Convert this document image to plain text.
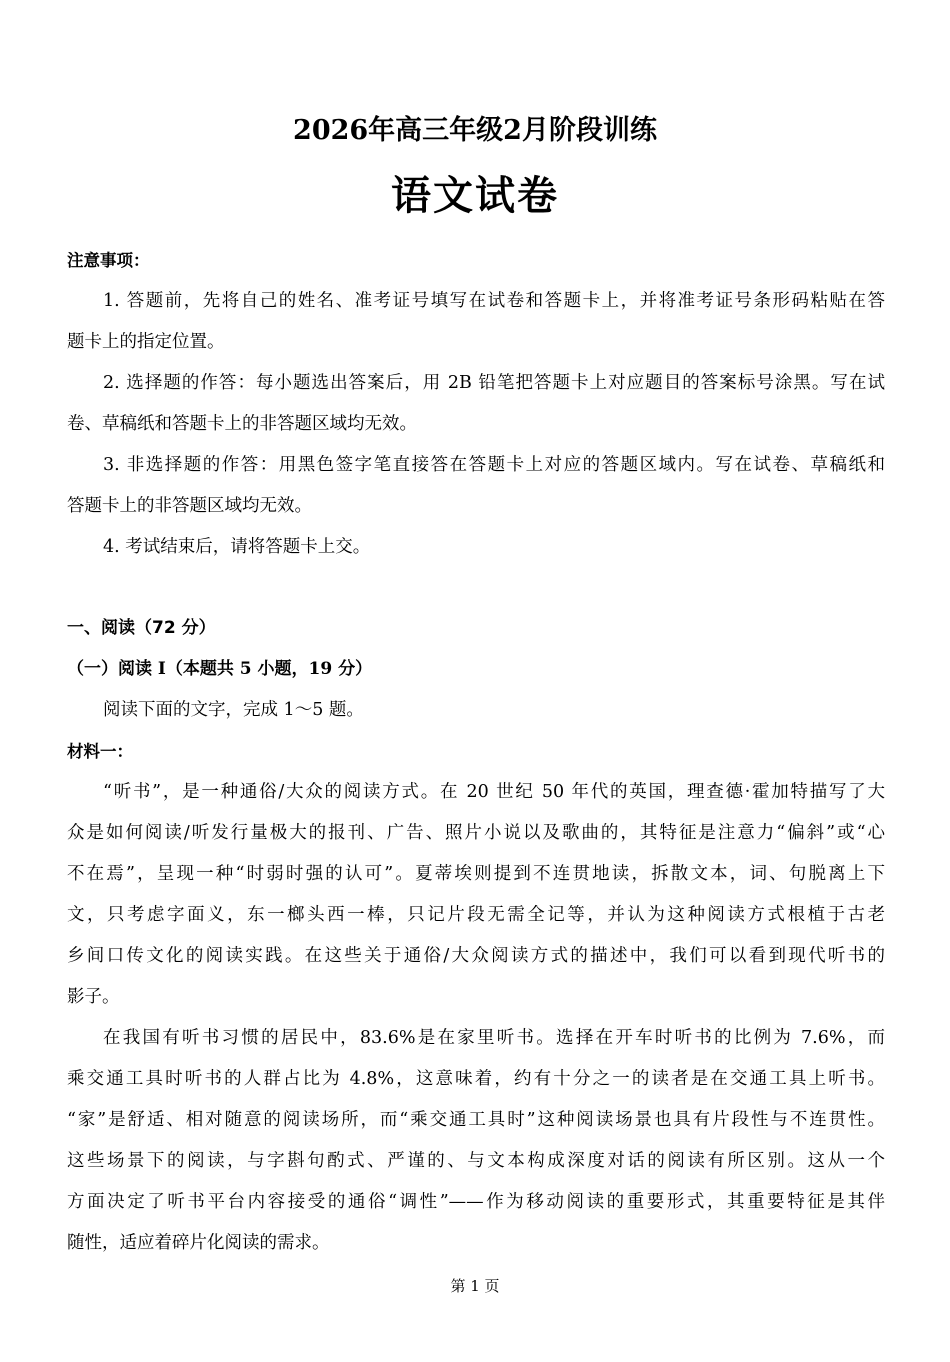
2026年高三年级2月阶段训练
语文试卷
注意事项：
1. 答题前，先将自己的姓名、准考证号填写在试卷和答题卡上，并将准考证号条形码粘贴在答
题卡上的指定位置。
2. 选择题的作答：每小题选出答案后，用 2B 铅笔把答题卡上对应题目的答案标号涂黑。写在试
卷、草稿纸和答题卡上的非答题区域均无效。
3. 非选择题的作答：用黑色签字笔直接答在答题卡上对应的答题区域内。写在试卷、草稿纸和
答题卡上的非答题区域均无效。
4. 考试结束后，请将答题卡上交。
一、阅读（72 分）
（一）阅读 I（本题共 5 小题，19 分）
阅读下面的文字，完成 1～5 题。
材料一：
“听书”，是一种通俗/大众的阅读方式。在 20 世纪 50 年代的英国，理查德·霍加特描写了大
众是如何阅读/听发行量极大的报刊、广告、照片小说以及歌曲的，其特征是注意力“偏斜”或“心
不在焉”，呈现一种“时弱时强的认可”。夏蒂埃则提到不连贯地读，拆散文本，词、句脱离上下
文，只考虑字面义，东一榔头西一棒，只记片段无需全记等，并认为这种阅读方式根植于古老
乡间口传文化的阅读实践。在这些关于通俗/大众阅读方式的描述中，我们可以看到现代听书的
影子。
在我国有听书习惯的居民中，83.6%是在家里听书。选择在开车时听书的比例为 7.6%，而
乘交通工具时听书的人群占比为 4.8%，这意味着，约有十分之一的读者是在交通工具上听书。
“家”是舒适、相对随意的阅读场所，而“乘交通工具时”这种阅读场景也具有片段性与不连贯性。
这些场景下的阅读，与字斟句酌式、严谨的、与文本构成深度对话的阅读有所区别。这从一个
方面决定了听书平台内容接受的通俗“调性”——作为移动阅读的重要形式，其重要特征是其伴
随性，适应着碎片化阅读的需求。
第 1 页
